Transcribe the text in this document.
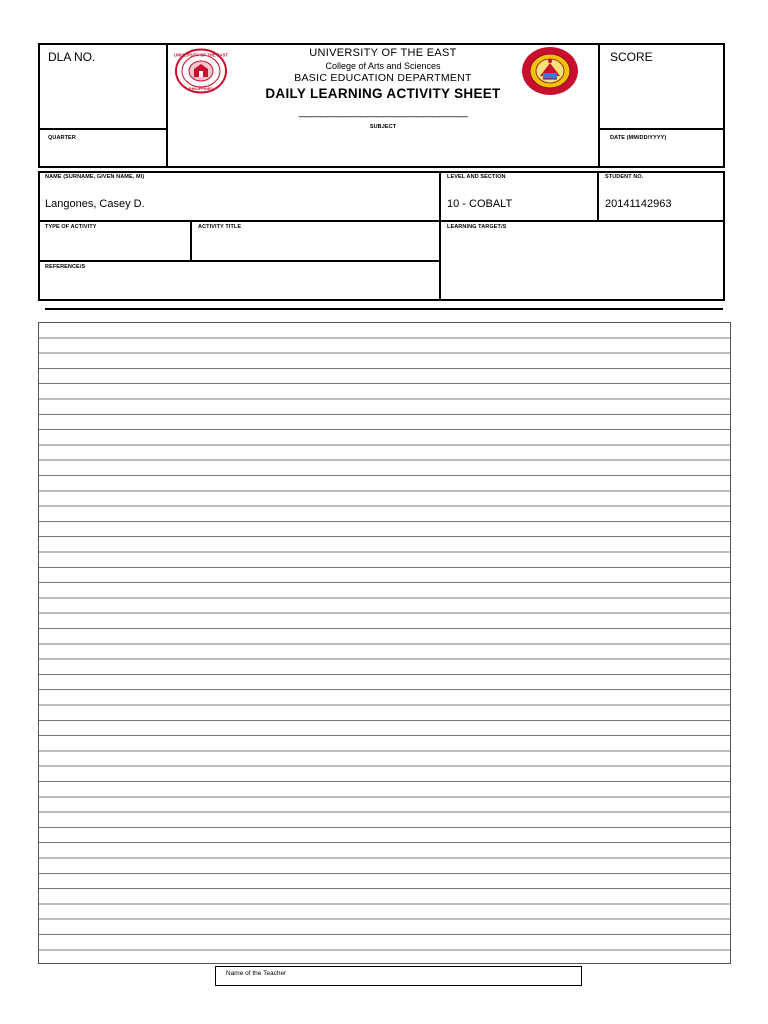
DLA NO.
QUARTER
SCORE
DATE (MM/DD/YYYY)
UNIVERSITY OF THE EAST
PHILIPPINES
UNIVERSITY OF THE EAST
College of Arts and Sciences
BASIC EDUCATION DEPARTMENT
DAILY LEARNING ACTIVITY SHEET
______________________________
SUBJECT
NAME (SURNAME, GIVEN NAME, MI)
Langones, Casey D.
LEVEL AND SECTION
10 - COBALT
STUDENT NO.
20141142963
TYPE OF ACTIVITY	ACTIVITY TITLE
REFERENCE/S
LEARNING TARGET/S
Name of the Teacher
